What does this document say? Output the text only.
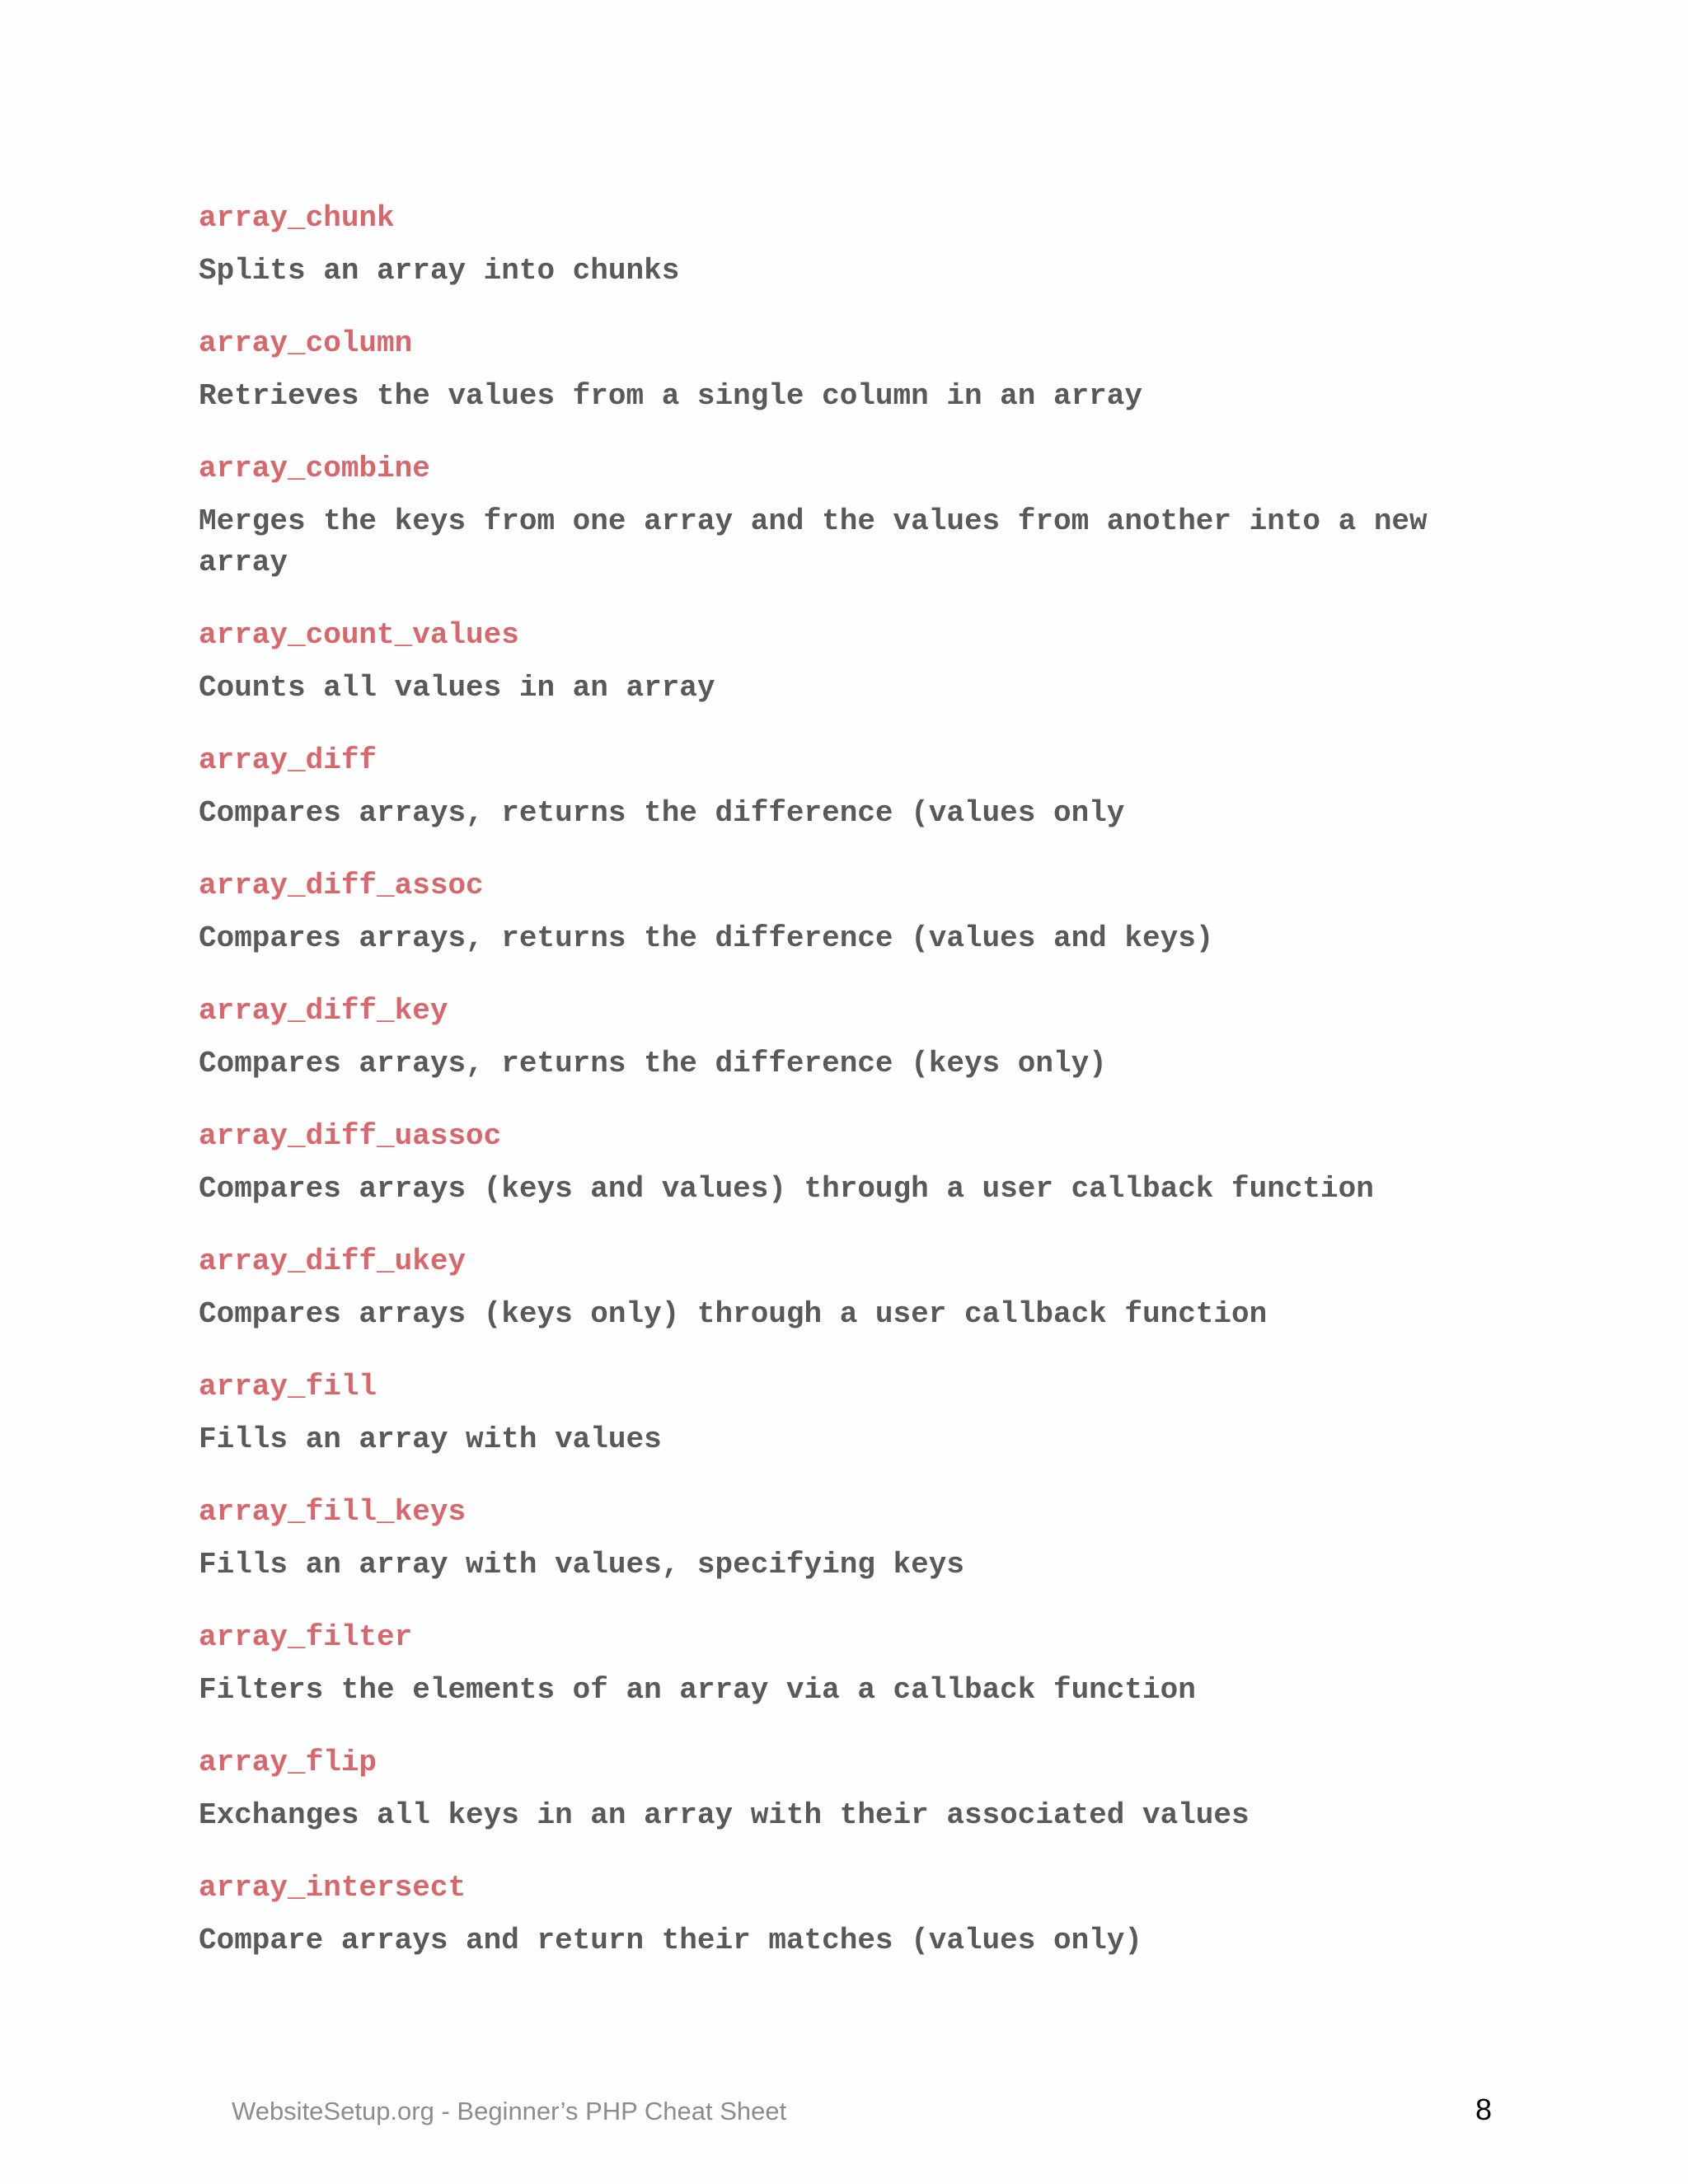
array_chunk
Splits an array into chunks
array_column
Retrieves the values from a single column in an array
array_combine
Merges the keys from one array and the values from another into a new array
array_count_values
Counts all values in an array
array_diff
Compares arrays, returns the difference (values only
array_diff_assoc
Compares arrays, returns the difference (values and keys)
array_diff_key
Compares arrays, returns the difference (keys only)
array_diff_uassoc
Compares arrays (keys and values) through a user callback function
array_diff_ukey
Compares arrays (keys only) through a user callback function
array_fill
Fills an array with values
array_fill_keys
Fills an array with values, specifying keys
array_filter
Filters the elements of an array via a callback function
array_flip
Exchanges all keys in an array with their associated values
array_intersect
Compare arrays and return their matches (values only)
WebsiteSetup.org - Beginner’s PHP Cheat Sheet	8
